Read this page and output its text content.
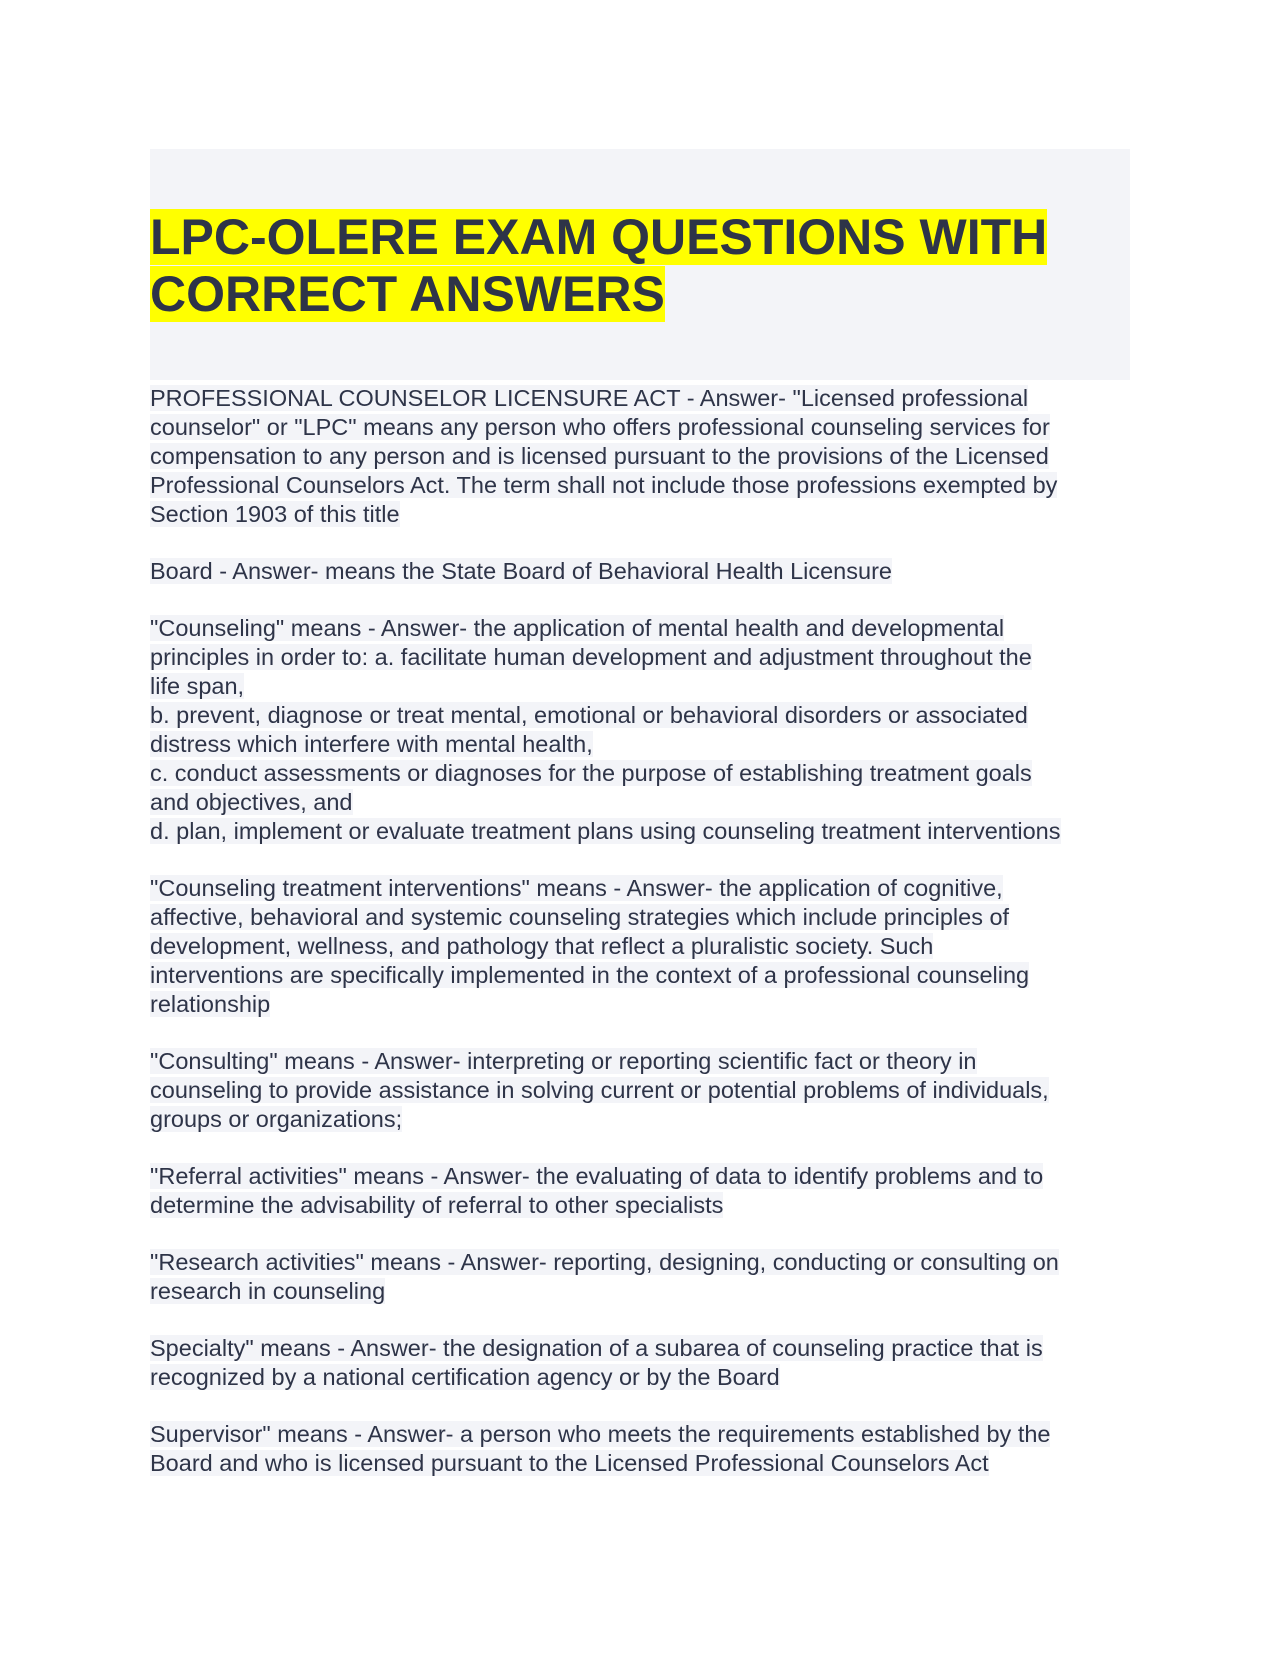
LPC-OLERE EXAM QUESTIONS WITH
CORRECT ANSWERS

PROFESSIONAL COUNSELOR LICENSURE ACT - Answer- "Licensed professional
counselor" or "LPC" means any person who offers professional counseling services for
compensation to any person and is licensed pursuant to the provisions of the Licensed
Professional Counselors Act. The term shall not include those professions exempted by
Section 1903 of this title

Board - Answer- means the State Board of Behavioral Health Licensure

"Counseling" means - Answer- the application of mental health and developmental
principles in order to: a. facilitate human development and adjustment throughout the
life span,
b. prevent, diagnose or treat mental, emotional or behavioral disorders or associated
distress which interfere with mental health,
c. conduct assessments or diagnoses for the purpose of establishing treatment goals
and objectives, and
d. plan, implement or evaluate treatment plans using counseling treatment interventions

"Counseling treatment interventions" means - Answer- the application of cognitive,
affective, behavioral and systemic counseling strategies which include principles of
development, wellness, and pathology that reflect a pluralistic society. Such
interventions are specifically implemented in the context of a professional counseling
relationship

"Consulting" means - Answer- interpreting or reporting scientific fact or theory in
counseling to provide assistance in solving current or potential problems of individuals,
groups or organizations;

"Referral activities" means - Answer- the evaluating of data to identify problems and to
determine the advisability of referral to other specialists

"Research activities" means - Answer- reporting, designing, conducting or consulting on
research in counseling

Specialty" means - Answer- the designation of a subarea of counseling practice that is
recognized by a national certification agency or by the Board

Supervisor" means - Answer- a person who meets the requirements established by the
Board and who is licensed pursuant to the Licensed Professional Counselors Act
